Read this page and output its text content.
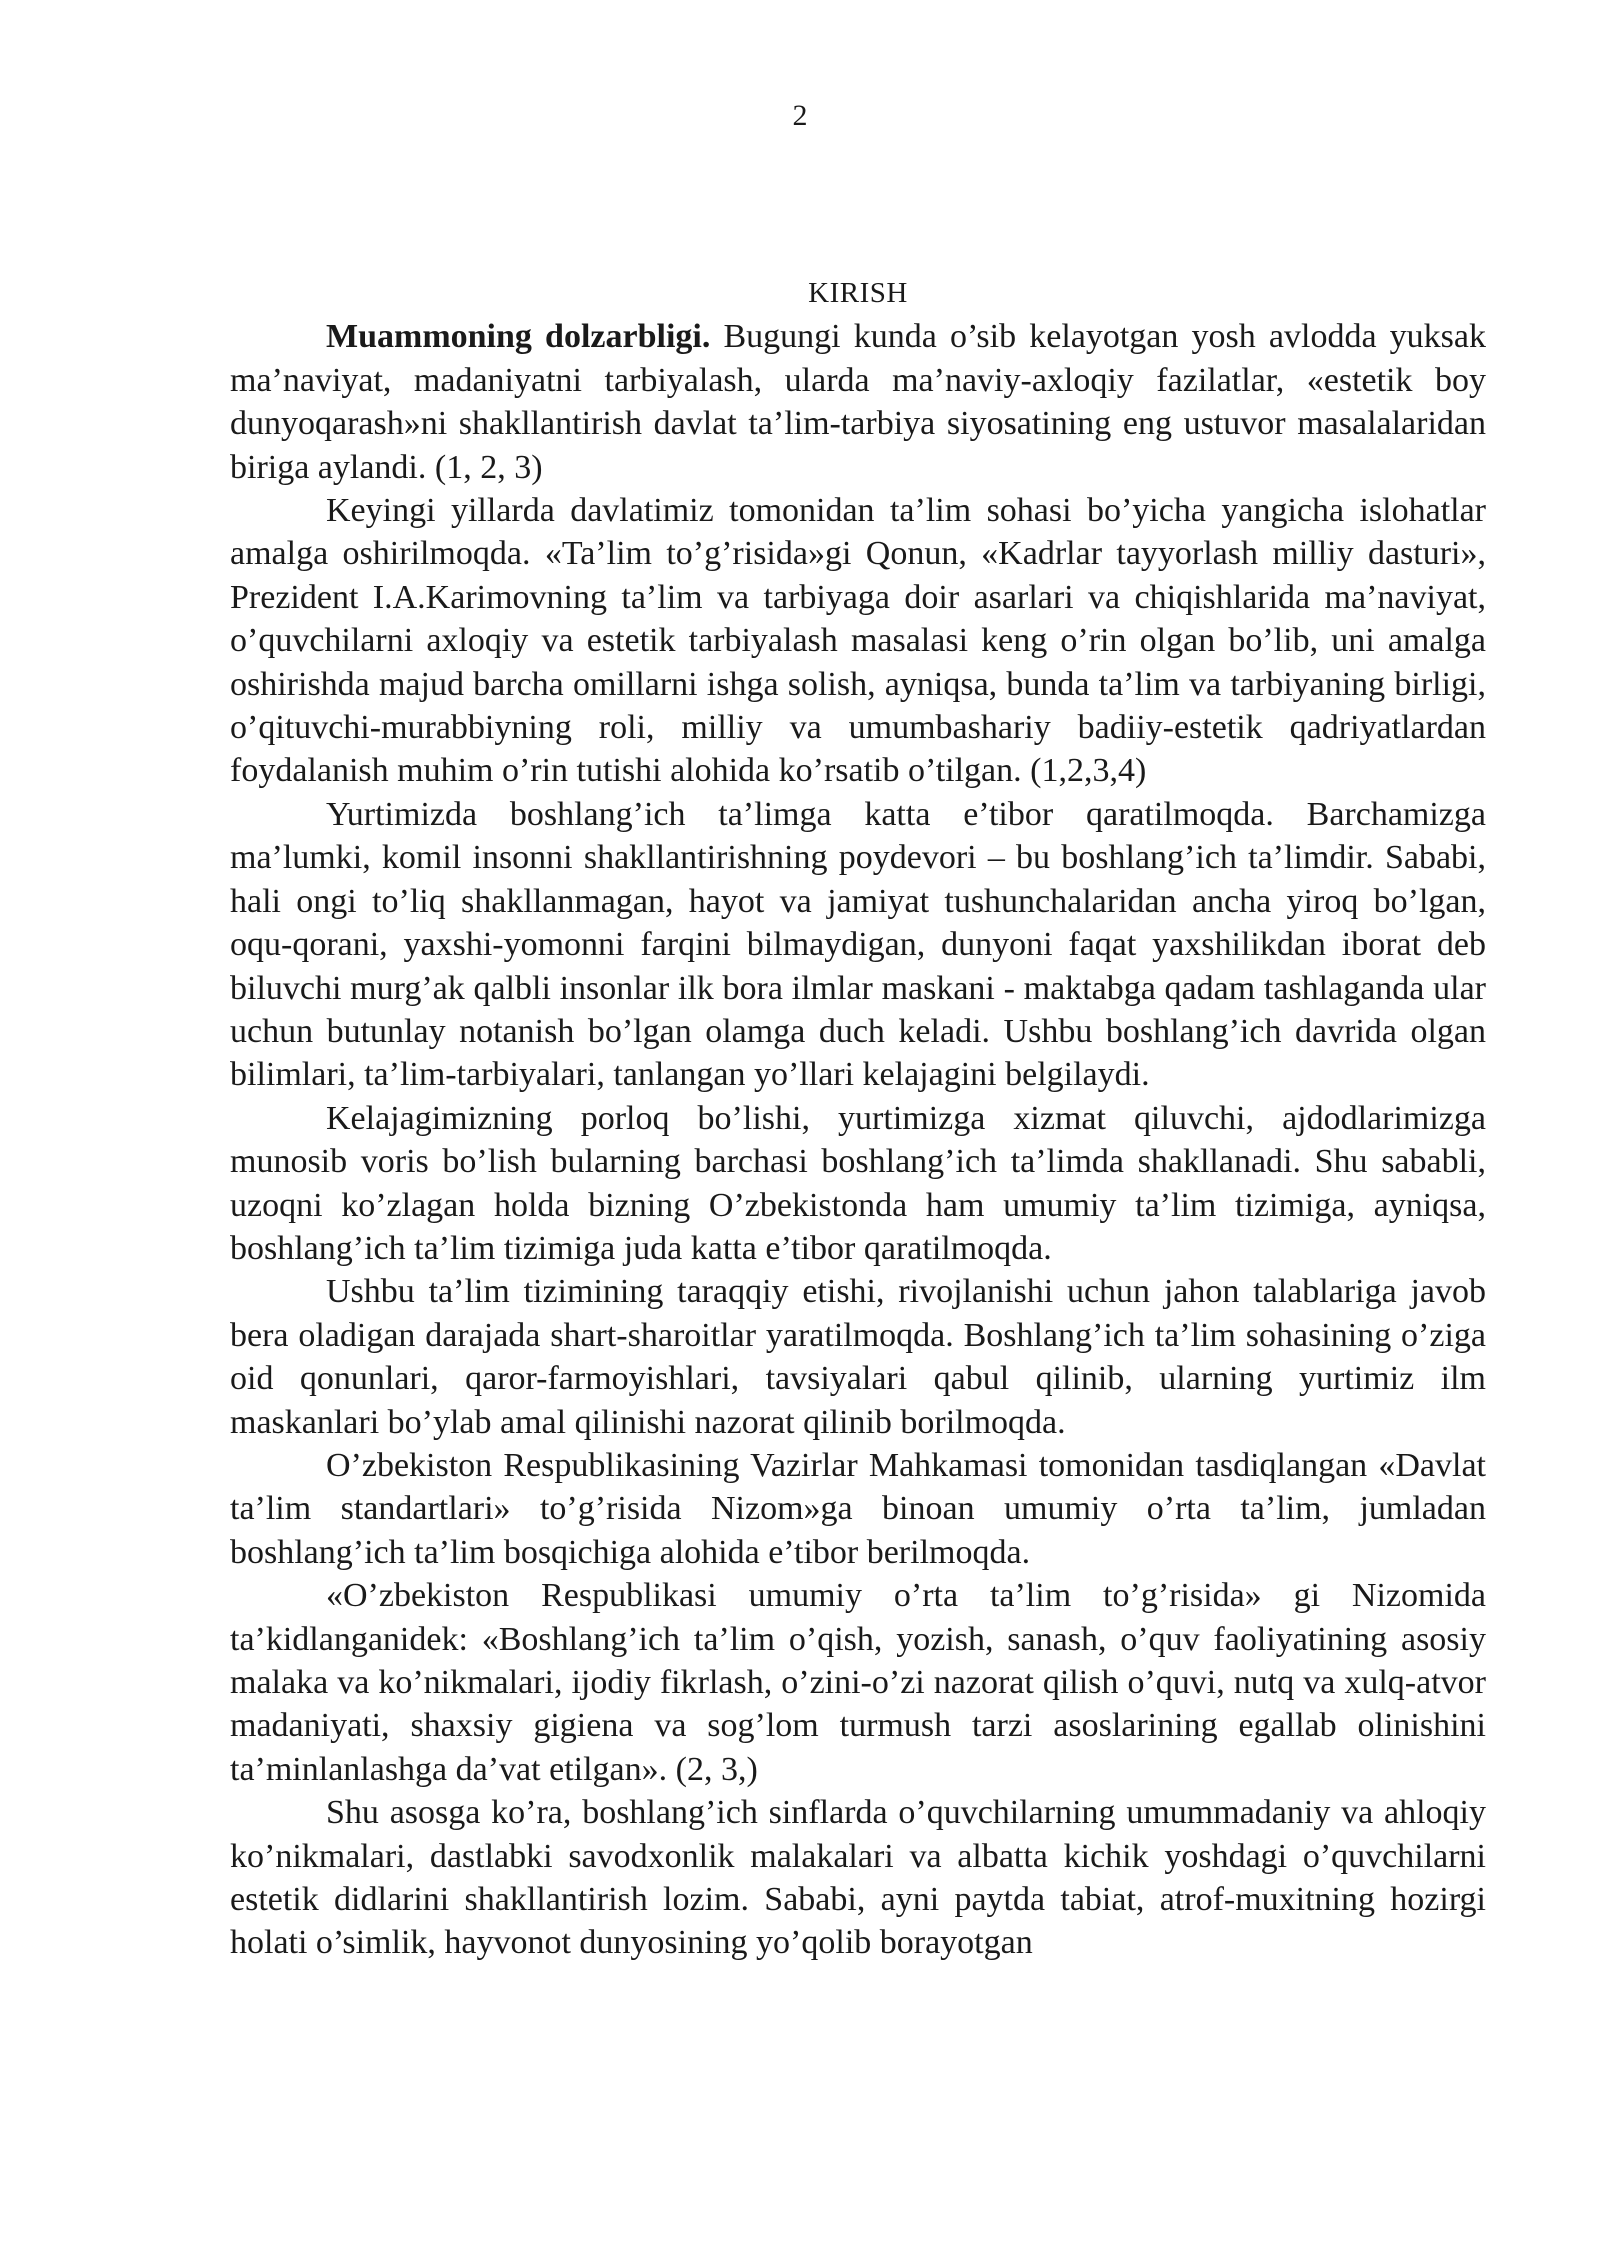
2

KIRISH

Muammoning dolzarbligi. Bugungi kunda o’sib kelayotgan yosh avlodda yuksak ma’naviyat, madaniyatni tarbiyalash, ularda ma’naviy-axloqiy fazilatlar, «estetik boy dunyoqarash»ni shakllantirish davlat ta’lim-tarbiya siyosatining eng ustuvor masalalaridan biriga aylandi. (1, 2, 3)

Keyingi yillarda davlatimiz tomonidan ta’lim sohasi bo’yicha yangicha islohatlar amalga oshirilmoqda. «Ta’lim to’g’risida»gi Qonun, «Kadrlar tayyorlash milliy dasturi», Prezident I.A.Karimovning ta’lim va tarbiyaga doir asarlari va chiqishlarida ma’naviyat, o’quvchilarni axloqiy va estetik tarbiyalash masalasi keng o’rin olgan bo’lib, uni amalga oshirishda majud barcha omillarni ishga solish, ayniqsa, bunda ta’lim va tarbiyaning birligi, o’qituvchi-murabbiyning roli, milliy va umumbashariy badiiy-estetik qadriyatlardan foydalanish muhim o’rin tutishi alohida ko’rsatib o’tilgan. (1,2,3,4)

Yurtimizda boshlang’ich ta’limga katta e’tibor qaratilmoqda. Barchamizga ma’lumki, komil insonni shakllantirishning poydevori – bu boshlang’ich ta’limdir. Sababi, hali ongi to’liq shakllanmagan, hayot va jamiyat tushunchalaridan ancha yiroq bo’lgan, oqu-qorani, yaxshi-yomonni farqini bilmaydigan, dunyoni faqat yaxshilikdan iborat deb biluvchi murg’ak qalbli insonlar ilk bora ilmlar maskani - maktabga qadam tashlaganda ular uchun butunlay notanish bo’lgan olamga duch keladi. Ushbu boshlang’ich davrida olgan bilimlari, ta’lim-tarbiyalari, tanlangan yo’llari kelajagini belgilaydi.

Kelajagimizning porloq bo’lishi, yurtimizga xizmat qiluvchi, ajdodlarimizga munosib voris bo’lish bularning barchasi boshlang’ich ta’limda shakllanadi. Shu sababli, uzoqni ko’zlagan holda bizning O’zbekistonda ham umumiy ta’lim tizimiga, ayniqsa, boshlang’ich ta’lim tizimiga juda katta e’tibor qaratilmoqda.

Ushbu ta’lim tizimining taraqqiy etishi, rivojlanishi uchun jahon talablariga javob bera oladigan darajada shart-sharoitlar yaratilmoqda. Boshlang’ich ta’lim sohasining o’ziga oid qonunlari, qaror-farmoyishlari, tavsiyalari qabul qilinib, ularning yurtimiz ilm maskanlari bo’ylab amal qilinishi nazorat qilinib borilmoqda.

O’zbekiston Respublikasining Vazirlar Mahkamasi tomonidan tasdiqlangan «Davlat ta’lim standartlari» to’g’risida Nizom»ga binoan umumiy o’rta ta’lim, jumladan boshlang’ich ta’lim bosqichiga alohida e’tibor berilmoqda.

«O’zbekiston Respublikasi umumiy o’rta ta’lim to’g’risida» gi Nizomida ta’kidlanganidek: «Boshlang’ich ta’lim o’qish, yozish, sanash, o’quv faoliyatining asosiy malaka va ko’nikmalari, ijodiy fikrlash, o’zini-o’zi nazorat qilish o’quvi, nutq va xulq-atvor madaniyati, shaxsiy gigiena va sog’lom turmush tarzi asoslarining egallab olinishini ta’minlanlashga da’vat etilgan». (2, 3,)

Shu asosga ko’ra, boshlang’ich sinflarda o’quvchilarning umummadaniy va ahloqiy ko’nikmalari, dastlabki savodxonlik malakalari va albatta kichik yoshdagi o’quvchilarni estetik didlarini shakllantirish lozim. Sababi, ayni paytda tabiat, atrof-muxitning hozirgi holati o’simlik, hayvonot dunyosining yo’qolib borayotgan
